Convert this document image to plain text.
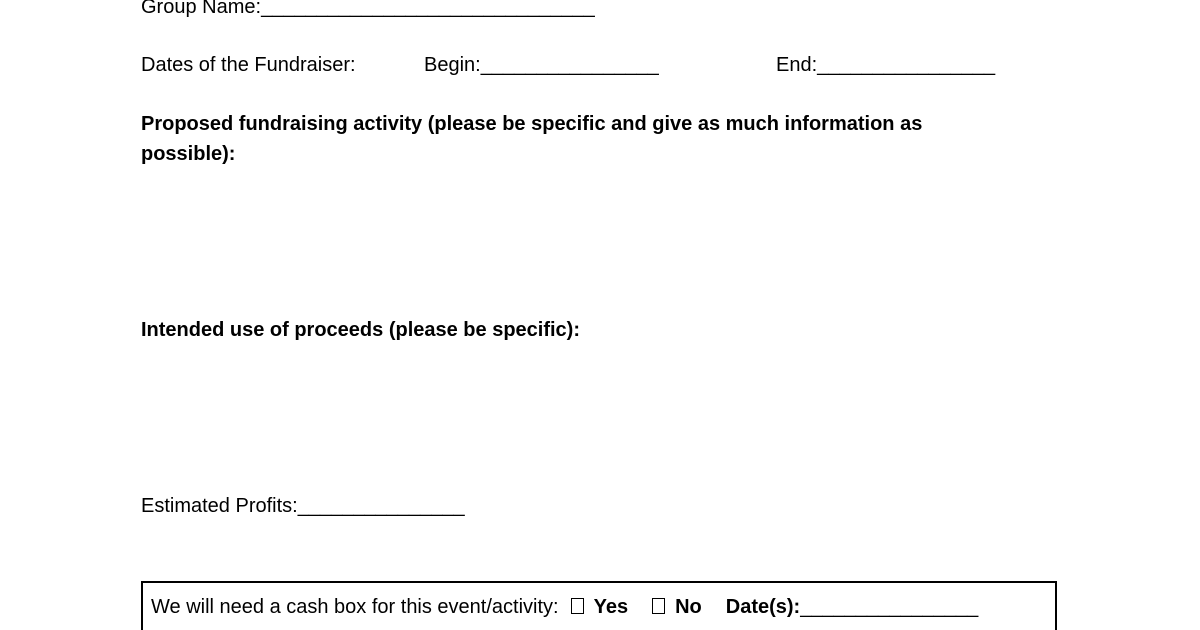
Group Name:______________________________
Dates of the Fundraiser:	Begin:________________	End:________________
Proposed fundraising activity (please be specific and give as much information as possible):
Intended use of proceeds (please be specific):
Estimated Profits:_______________
We will need a cash box for this event/activity: Yes No Date(s):________________
